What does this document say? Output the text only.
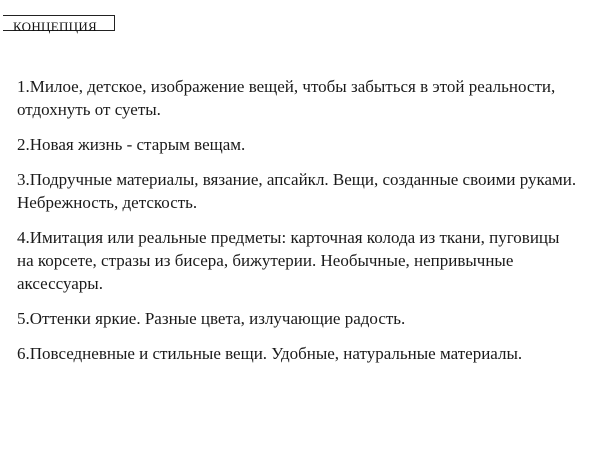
КОНЦЕПЦИЯ
1.Милое, детское, изображение вещей, чтобы забыться в этой реальности, отдохнуть от суеты.
2.Новая жизнь - старым вещам.
3.Подручные материалы, вязание, апсайкл. Вещи, созданные своими руками. Небрежность, детскость.
4.Имитация или реальные предметы: карточная колода из ткани, пуговицы на корсете, стразы из бисера, бижутерии. Необычные, непривычные аксессуары.
5.Оттенки яркие. Разные цвета, излучающие радость.
6.Повседневные и стильные вещи. Удобные, натуральные материалы.
